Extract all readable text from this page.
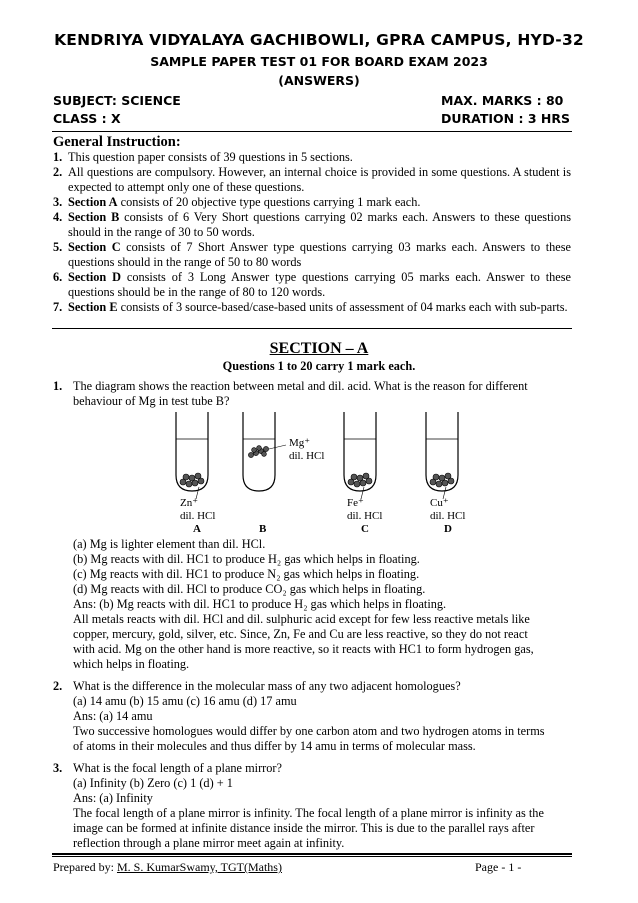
KENDRIYA VIDYALAYA GACHIBOWLI, GPRA CAMPUS, HYD-32
SAMPLE PAPER TEST 01 FOR BOARD EXAM 2023
(ANSWERS)
SUBJECT: SCIENCE	MAX. MARKS : 80
CLASS : X	DURATION : 3 HRS
General Instruction:
1. This question paper consists of 39 questions in 5 sections.
2. All questions are compulsory. However, an internal choice is provided in some questions. A student is expected to attempt only one of these questions.
3. Section A consists of 20 objective type questions carrying 1 mark each.
4. Section B consists of 6 Very Short questions carrying 02 marks each. Answers to these questions should in the range of 30 to 50 words.
5. Section C consists of 7 Short Answer type questions carrying 03 marks each. Answers to these questions should in the range of 50 to 80 words
6. Section D consists of 3 Long Answer type questions carrying 05 marks each. Answer to these questions should be in the range of 80 to 120 words.
7. Section E consists of 3 source-based/case-based units of assessment of 04 marks each with sub-parts.
SECTION – A
Questions 1 to 20 carry 1 mark each.
1. The diagram shows the reaction between metal and dil. acid. What is the reason for different
behaviour of Mg in test tube B?
Zn⁺
dil. HCl
A
Mg⁺
dil. HCl
B
Fe⁺
dil. HCl
C
Cu⁺
dil. HCl
D
(a) Mg is lighter element than dil. HCl.
(b) Mg reacts with dil. HC1 to produce H₂ gas which helps in floating.
(c) Mg reacts with dil. HC1 to produce N₂ gas which helps in floating.
(d) Mg reacts with dil. HCl to produce CO₂ gas which helps in floating.
Ans: (b) Mg reacts with dil. HC1 to produce H₂ gas which helps in floating.
All metals reacts with dil. HCl and dil. sulphuric acid except for few less reactive metals like
copper, mercury, gold, silver, etc. Since, Zn, Fe and Cu are less reactive, so they do not react
with acid. Mg on the other hand is more reactive, so it reacts with HC1 to form hydrogen gas,
which helps in floating.
2. What is the difference in the molecular mass of any two adjacent homologues?
(a) 14 amu (b) 15 amu (c) 16 amu (d) 17 amu
Ans: (a) 14 amu
Two successive homologues would differ by one carbon atom and two hydrogen atoms in terms
of atoms in their molecules and thus differ by 14 amu in terms of molecular mass.
3. What is the focal length of a plane mirror?
(a) Infinity (b) Zero (c) 1 (d) + 1
Ans: (a) Infinity
The focal length of a plane mirror is infinity. The focal length of a plane mirror is infinity as the
image can be formed at infinite distance inside the mirror. This is due to the parallel rays after
reflection through a plane mirror meet again at infinity.
Prepared by: M. S. KumarSwamy, TGT(Maths)	Page - 1 -
